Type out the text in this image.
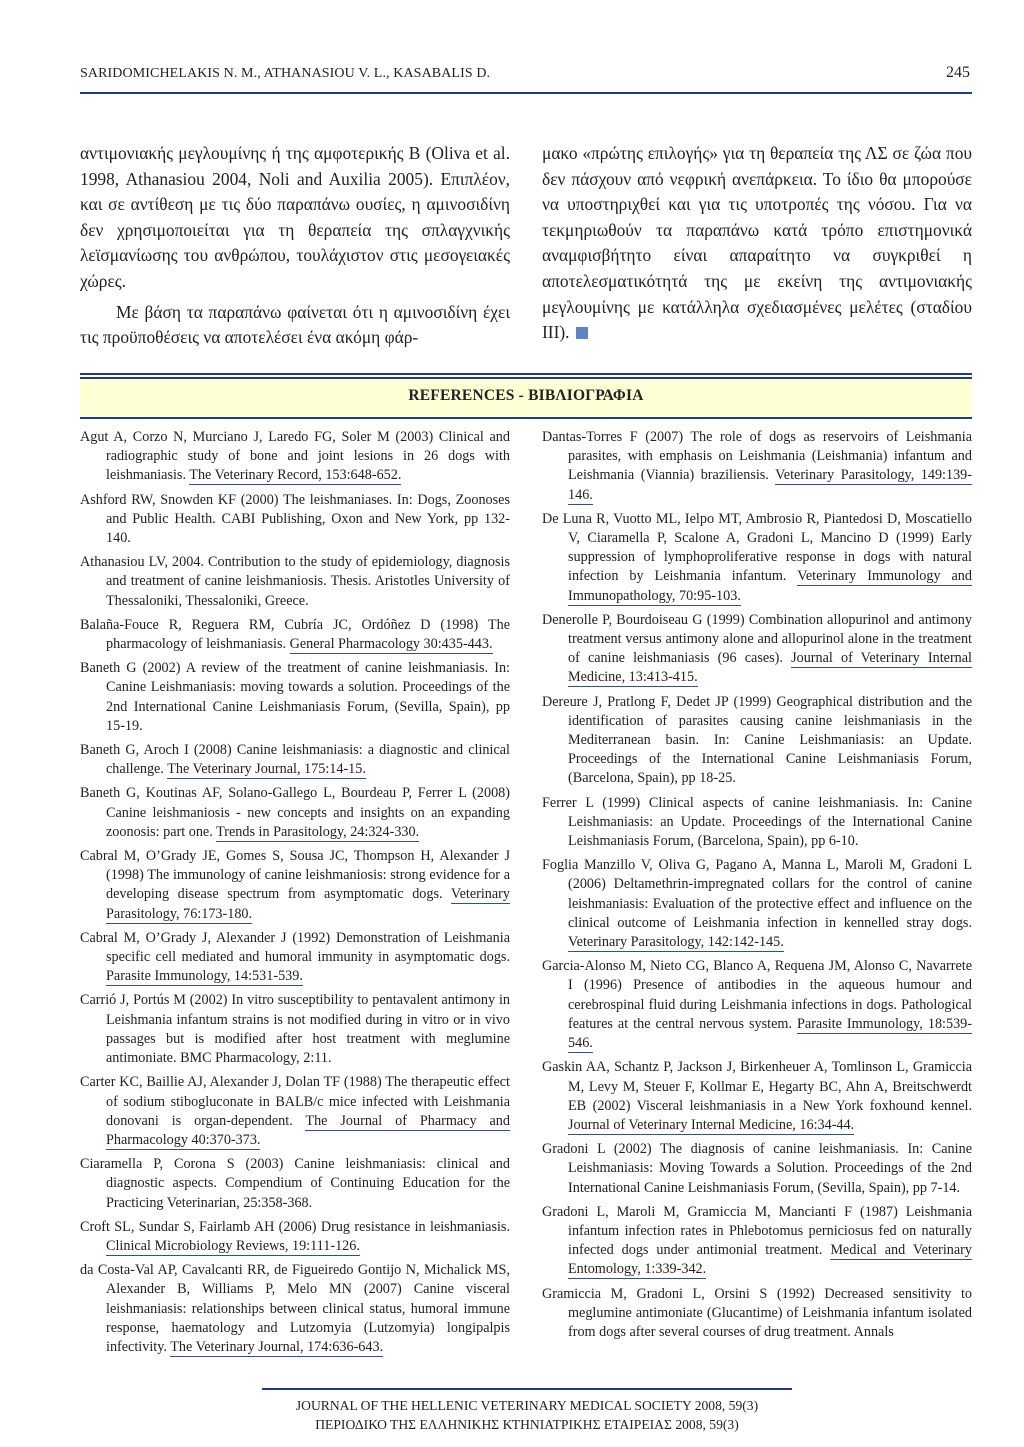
SARIDOMICHELAKIS N. M., ATHANASIOU V. L., KASABALIS D.	245

αντιμονιακής μεγλουμίνης ή της αμφοτερικής Β (Oliva et al. 1998, Athanasiou 2004, Noli and Auxilia 2005). Επιπλέον, και σε αντίθεση με τις δύο παραπάνω ουσίες, η αμινοσιδίνη δεν χρησιμοποιείται για τη θεραπεία της σπλαγχνικής λεϊσμανίωσης του ανθρώπου, τουλάχιστον στις μεσογειακές χώρες.

Με βάση τα παραπάνω φαίνεται ότι η αμινοσιδίνη έχει τις προϋποθέσεις να αποτελέσει ένα ακόμη φάρ-

μακο «πρώτης επιλογής» για τη θεραπεία της ΛΣ σε ζώα που δεν πάσχουν από νεφρική ανεπάρκεια. Το ίδιο θα μπορούσε να υποστηριχθεί και για τις υποτροπές της νόσου. Για να τεκμηριωθούν τα παραπάνω κατά τρόπο επιστημονικά αναμφισβήτητο είναι απαραίτητο να συγκριθεί η αποτελεσματικότητά της με εκείνη της αντιμονιακής μεγλουμίνης με κατάλληλα σχεδιασμένες μελέτες (σταδίου ΙΙΙ).

REFERENCES - ΒΙΒΛΙΟΓΡΑΦΙΑ
Agut A, Corzo N, Murciano J, Laredo FG, Soler M (2003) Clinical and radiographic study of bone and joint lesions in 26 dogs with leishmaniasis. The Veterinary Record, 153:648-652.
Ashford RW, Snowden KF (2000) The leishmaniases. In: Dogs, Zoonoses and Public Health. CABI Publishing, Oxon and New York, pp 132-140.
Athanasiou LV, 2004. Contribution to the study of epidemiology, diagnosis and treatment of canine leishmaniosis. Thesis. Aristotles University of Thessaloniki, Thessaloniki, Greece.
Balaña-Fouce R, Reguera RM, Cubría JC, Ordóñez D (1998) The pharmacology of leishmaniasis. General Pharmacology 30:435-443.
Baneth G (2002) A review of the treatment of canine leishmaniasis. In: Canine Leishmaniasis: moving towards a solution. Proceedings of the 2nd International Canine Leishmaniasis Forum, (Sevilla, Spain), pp 15-19.
Baneth G, Aroch I (2008) Canine leishmaniasis: a diagnostic and clinical challenge. The Veterinary Journal, 175:14-15.
Baneth G, Koutinas AF, Solano-Gallego L, Bourdeau P, Ferrer L (2008) Canine leishmaniosis - new concepts and insights on an expanding zoonosis: part one. Trends in Parasitology, 24:324-330.
Cabral M, O’Grady JE, Gomes S, Sousa JC, Thompson H, Alexander J (1998) The immunology of canine leishmaniosis: strong evidence for a developing disease spectrum from asymptomatic dogs. Veterinary Parasitology, 76:173-180.
Cabral M, O’Grady J, Alexander J (1992) Demonstration of Leishmania specific cell mediated and humoral immunity in asymptomatic dogs. Parasite Immunology, 14:531-539.
Carrió J, Portús M (2002) In vitro susceptibility to pentavalent antimony in Leishmania infantum strains is not modified during in vitro or in vivo passages but is modified after host treatment with meglumine antimoniate. BMC Pharmacology, 2:11.
Carter KC, Baillie AJ, Alexander J, Dolan TF (1988) The therapeutic effect of sodium stibogluconate in BALB/c mice infected with Leishmania donovani is organ-dependent. The Journal of Pharmacy and Pharmacology 40:370-373.
Ciaramella P, Corona S (2003) Canine leishmaniasis: clinical and diagnostic aspects. Compendium of Continuing Education for the Practicing Veterinarian, 25:358-368.
Croft SL, Sundar S, Fairlamb AH (2006) Drug resistance in leishmaniasis. Clinical Microbiology Reviews, 19:111-126.
da Costa-Val AP, Cavalcanti RR, de Figueiredo Gontijo N, Michalick MS, Alexander B, Williams P, Melo MN (2007) Canine visceral leishmaniasis: relationships between clinical status, humoral immune response, haematology and Lutzomyia (Lutzomyia) longipalpis infectivity. The Veterinary Journal, 174:636-643.
Dantas-Torres F (2007) The role of dogs as reservoirs of Leishmania parasites, with emphasis on Leishmania (Leishmania) infantum and Leishmania (Viannia) braziliensis. Veterinary Parasitology, 149:139-146.
De Luna R, Vuotto ML, Ielpo MT, Ambrosio R, Piantedosi D, Moscatiello V, Ciaramella P, Scalone A, Gradoni L, Mancino D (1999) Early suppression of lymphoproliferative response in dogs with natural infection by Leishmania infantum. Veterinary Immunology and Immunopathology, 70:95-103.
Denerolle P, Bourdoiseau G (1999) Combination allopurinol and antimony treatment versus antimony alone and allopurinol alone in the treatment of canine leishmaniasis (96 cases). Journal of Veterinary Internal Medicine, 13:413-415.
Dereure J, Pratlong F, Dedet JP (1999) Geographical distribution and the identification of parasites causing canine leishmaniasis in the Mediterranean basin. In: Canine Leishmaniasis: an Update. Proceedings of the International Canine Leishmaniasis Forum, (Barcelona, Spain), pp 18-25.
Ferrer L (1999) Clinical aspects of canine leishmaniasis. In: Canine Leishmaniasis: an Update. Proceedings of the International Canine Leishmaniasis Forum, (Barcelona, Spain), pp 6-10.
Foglia Manzillo V, Oliva G, Pagano A, Manna L, Maroli M, Gradoni L (2006) Deltamethrin-impregnated collars for the control of canine leishmaniasis: Evaluation of the protective effect and influence on the clinical outcome of Leishmania infection in kennelled stray dogs. Veterinary Parasitology, 142:142-145.
Garcia-Alonso M, Nieto CG, Blanco A, Requena JM, Alonso C, Navarrete I (1996) Presence of antibodies in the aqueous humour and cerebrospinal fluid during Leishmania infections in dogs. Pathological features at the central nervous system. Parasite Immunology, 18:539-546.
Gaskin AA, Schantz P, Jackson J, Birkenheuer A, Tomlinson L, Gramiccia M, Levy M, Steuer F, Kollmar E, Hegarty BC, Ahn A, Breitschwerdt EB (2002) Visceral leishmaniasis in a New York foxhound kennel. Journal of Veterinary Internal Medicine, 16:34-44.
Gradoni L (2002) The diagnosis of canine leishmaniasis. In: Canine Leishmaniasis: Moving Towards a Solution. Proceedings of the 2nd International Canine Leishmaniasis Forum, (Sevilla, Spain), pp 7-14.
Gradoni L, Maroli M, Gramiccia M, Mancianti F (1987) Leishmania infantum infection rates in Phlebotomus perniciosus fed on naturally infected dogs under antimonial treatment. Medical and Veterinary Entomology, 1:339-342.
Gramiccia M, Gradoni L, Orsini S (1992) Decreased sensitivity to meglumine antimoniate (Glucantime) of Leishmania infantum isolated from dogs after several courses of drug treatment. Annals
JOURNAL OF THE HELLENIC VETERINARY MEDICAL SOCIETY 2008, 59(3)
ΠΕΡΙΟΔΙΚΟ ΤΗΣ ΕΛΛΗΝΙΚΗΣ ΚΤΗΝΙΑΤΡΙΚΗΣ ΕΤΑΙΡΕΙΑΣ 2008, 59(3)
